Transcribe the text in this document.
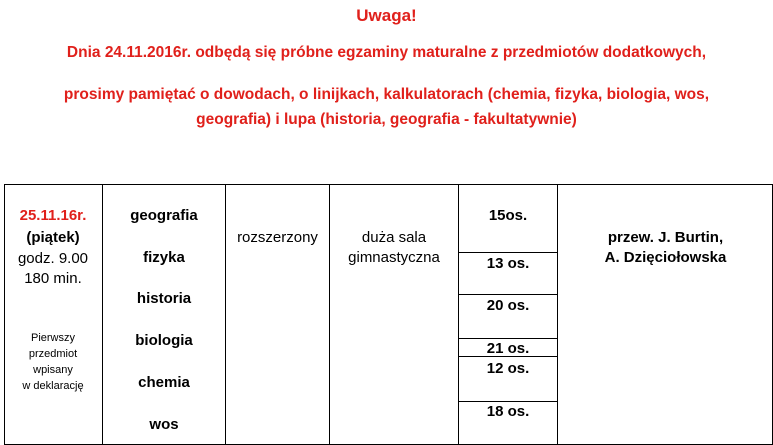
Uwaga!
Dnia 24.11.2016r. odbędą się próbne egzaminy maturalne z przedmiotów dodatkowych,
prosimy pamiętać o dowodach, o linijkach, kalkulatorach (chemia, fizyka, biologia, wos,
geografia) i lupa (historia, geografia - fakultatywnie)
25.11.16r.
(piątek)
godz. 9.00
180 min.
Pierwszy
przedmiot
wpisany
w deklarację
geografia
fizyka
historia
biologia
chemia
wos
rozszerzony	duża sala
gimnastyczna
15os.
13 os.
20 os.
21 os.
12 os.
18 os.
przew. J. Burtin,
A. Dzięciołowska
